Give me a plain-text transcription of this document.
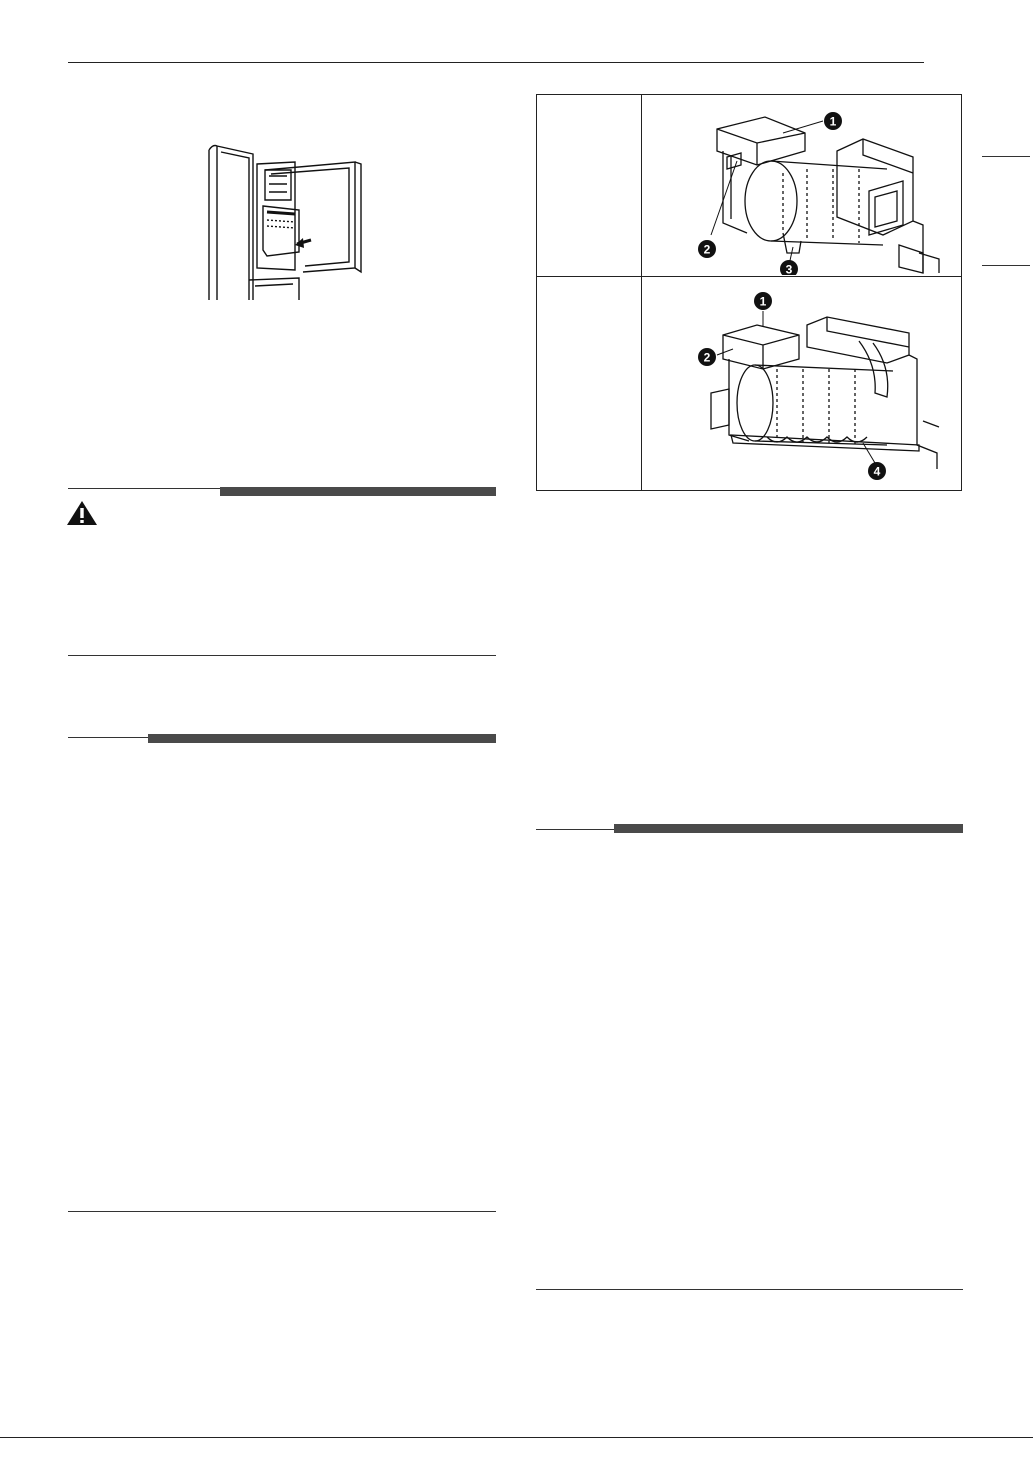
1
2
3
1
2
4
